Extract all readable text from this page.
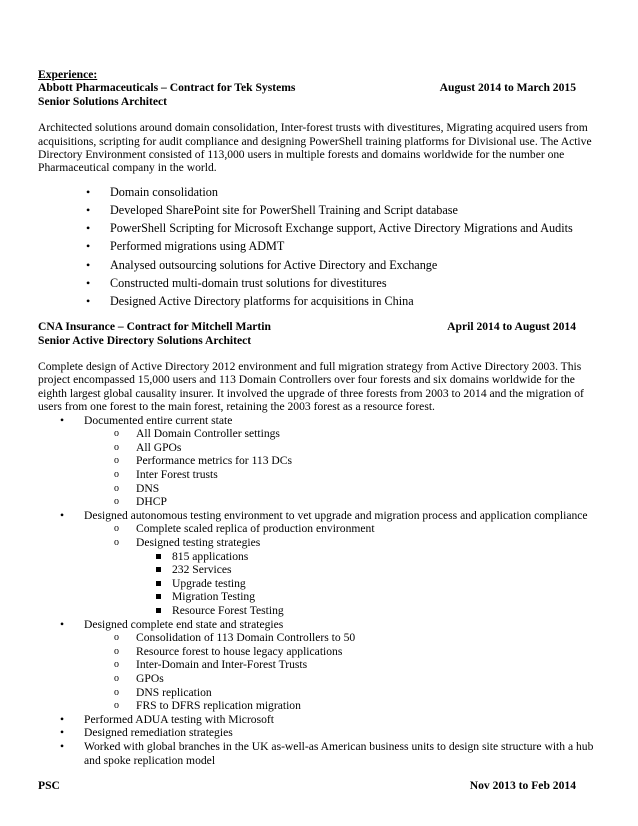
Experience:
Abbott Pharmaceuticals – Contract for Tek Systems	August 2014 to March 2015
Senior Solutions Architect
Architected solutions around domain consolidation, Inter-forest trusts with divestitures, Migrating acquired users from acquisitions, scripting for audit compliance and designing PowerShell training platforms for Divisional use. The Active Directory Environment consisted of 113,000 users in multiple forests and domains worldwide for the number one Pharmaceutical company in the world.
• Domain consolidation
• Developed SharePoint site for PowerShell Training and Script database
• PowerShell Scripting for Microsoft Exchange support, Active Directory Migrations and Audits
• Performed migrations using ADMT
• Analysed outsourcing solutions for Active Directory and Exchange
• Constructed multi-domain trust solutions for divestitures
• Designed Active Directory platforms for acquisitions in China
CNA Insurance – Contract for Mitchell Martin	April 2014 to August 2014
Senior Active Directory Solutions Architect
Complete design of Active Directory 2012 environment and full migration strategy from Active Directory 2003. This project encompassed 15,000 users and 113 Domain Controllers over four forests and six domains worldwide for the eighth largest global causality insurer. It involved the upgrade of three forests from 2003 to 2014 and the migration of users from one forest to the main forest, retaining the 2003 forest as a resource forest.
• Documented entire current state
o All Domain Controller settings
o All GPOs
o Performance metrics for 113 DCs
o Inter Forest trusts
o DNS
o DHCP
• Designed autonomous testing environment to vet upgrade and migration process and application compliance
o Complete scaled replica of production environment
o Designed testing strategies
815 applications
232 Services
Upgrade testing
Migration Testing
Resource Forest Testing
• Designed complete end state and strategies
o Consolidation of 113 Domain Controllers to 50
o Resource forest to house legacy applications
o Inter-Domain and Inter-Forest Trusts
o GPOs
o DNS replication
o FRS to DFRS replication migration
• Performed ADUA testing with Microsoft
• Designed remediation strategies
• Worked with global branches in the UK as-well-as American business units to design site structure with a hub and spoke replication model
PSC	Nov 2013 to Feb 2014
